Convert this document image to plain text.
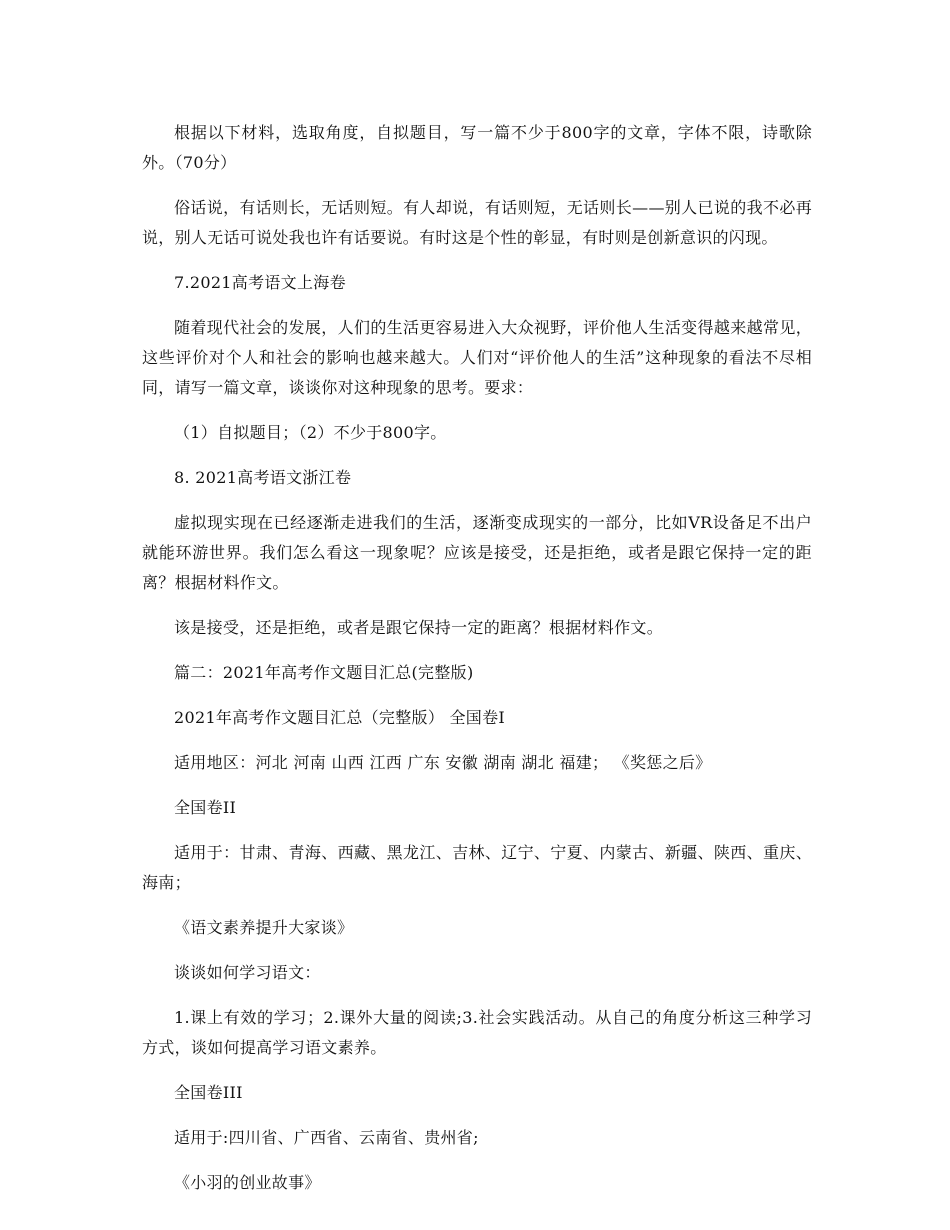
根据以下材料，选取角度，自拟题目，写一篇不少于800字的文章，字体不限，诗歌除外。（70分）

俗话说，有话则长，无话则短。有人却说，有话则短，无话则长——别人已说的我不必再说，别人无话可说处我也许有话要说。有时这是个性的彰显，有时则是创新意识的闪现。

7.2021高考语文上海卷

随着现代社会的发展，人们的生活更容易进入大众视野，评价他人生活变得越来越常见，这些评价对个人和社会的影响也越来越大。人们对“评价他人的生活”这种现象的看法不尽相同，请写一篇文章，谈谈你对这种现象的思考。要求：

（1）自拟题目；（2）不少于800字。

8. 2021高考语文浙江卷

虚拟现实现在已经逐渐走进我们的生活，逐渐变成现实的一部分，比如VR设备足不出户就能环游世界。我们怎么看这一现象呢？应该是接受，还是拒绝，或者是跟它保持一定的距离？根据材料作文。

该是接受，还是拒绝，或者是跟它保持一定的距离？根据材料作文。

篇二：2021年高考作文题目汇总(完整版)

2021年高考作文题目汇总（完整版） 全国卷Ⅰ

适用地区：河北 河南 山西 江西 广东 安徽 湖南 湖北 福建； 《奖惩之后》

全国卷II

适用于：甘肃、青海、西藏、黑龙江、吉林、辽宁、宁夏、内蒙古、新疆、陕西、重庆、海南；

《语文素养提升大家谈》

谈谈如何学习语文：

1.课上有效的学习；2.课外大量的阅读;3.社会实践活动。从自己的角度分析这三种学习方式，谈如何提高学习语文素养。

全国卷III

适用于:四川省、广西省、云南省、贵州省;

《小羽的创业故事》
